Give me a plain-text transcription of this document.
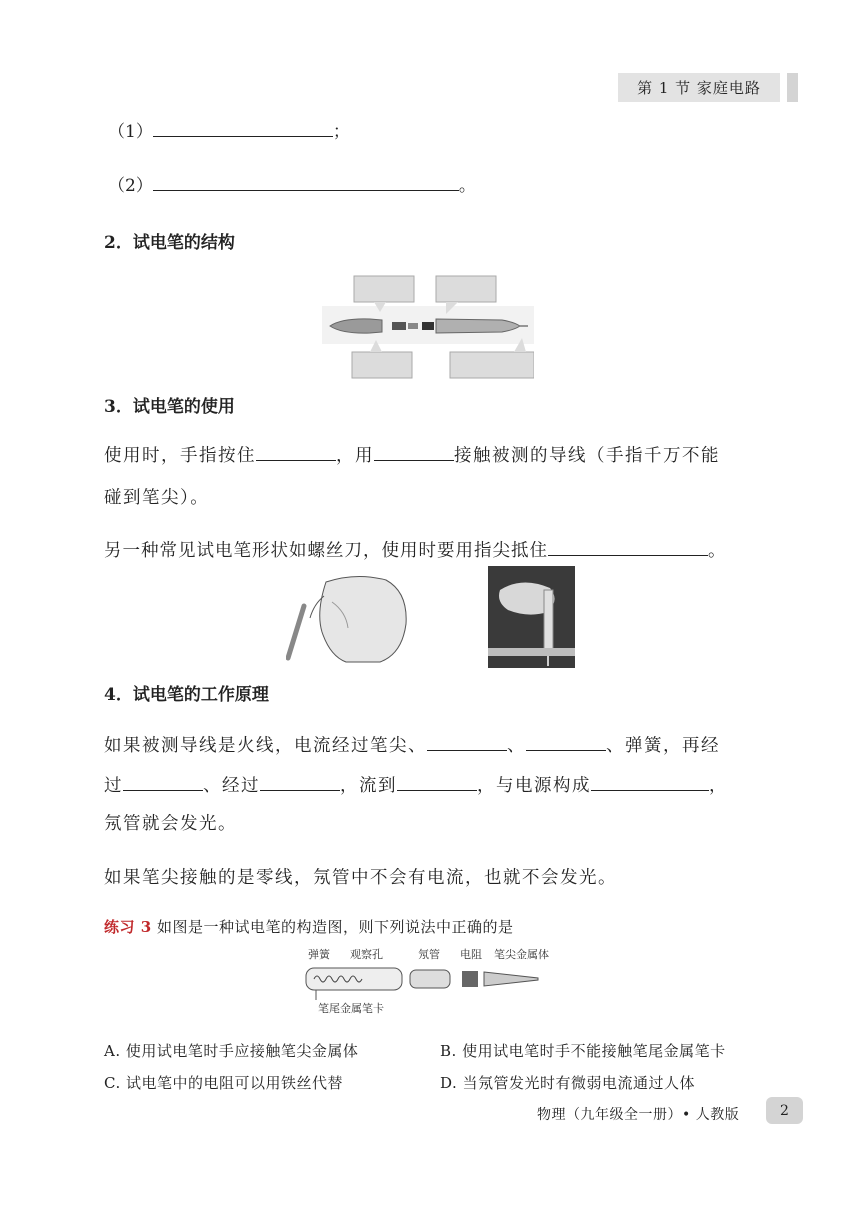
第 1 节 家庭电路
（1）	；
（2）	。
2．试电笔的结构
3．试电笔的使用
使用时，手指按住	，用	接触被测的导线（手指千万不能
碰到笔尖）。
另一种常见试电笔形状如螺丝刀，使用时要用指尖抵住	。
4．试电笔的工作原理
如果被测导线是火线，电流经过笔尖、	、	、弹簧，再经
过	、经过	，流到	，与电源构成	，
氖管就会发光。
如果笔尖接触的是零线，氖管中不会有电流，也就不会发光。
练习 3 如图是一种试电笔的构造图，则下列说法中正确的是
弹簧 观察孔	氖管 电阻 笔尖金属体
笔尾金属笔卡
A. 使用试电笔时手应接触笔尖金属体	B. 使用试电笔时手不能接触笔尾金属笔卡
C. 试电笔中的电阻可以用铁丝代替	D. 当氖管发光时有微弱电流通过人体
物理（九年级全一册）• 人教版	2
